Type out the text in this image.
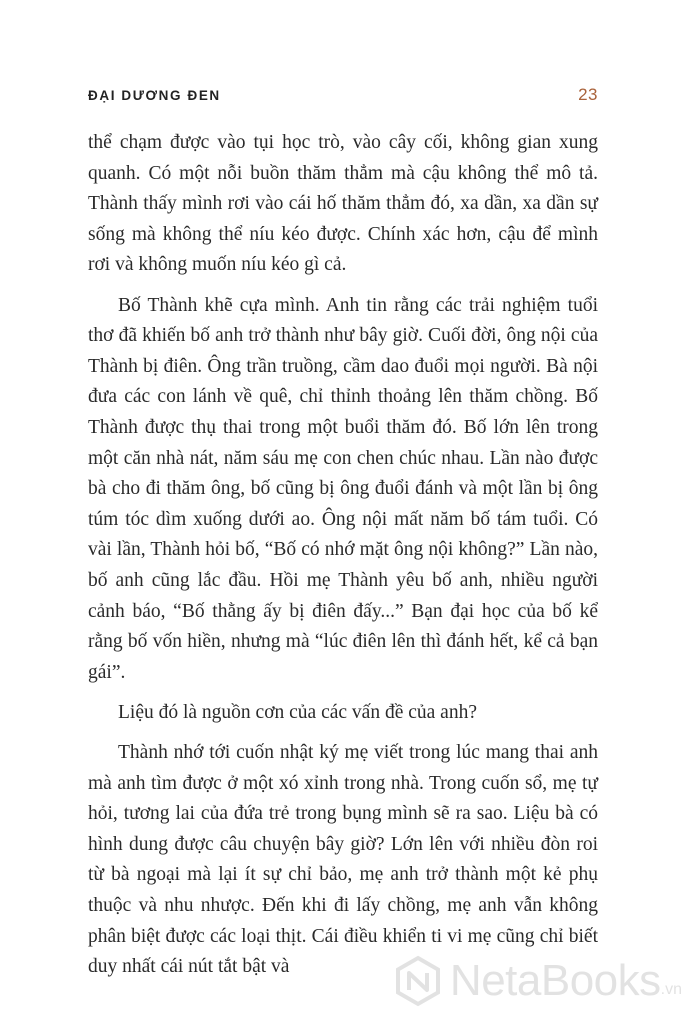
ĐẠI DƯƠNG ĐEN	23

thể chạm được vào tụi học trò, vào cây cối, không gian xung quanh. Có một nỗi buồn thăm thẳm mà cậu không thể mô tả. Thành thấy mình rơi vào cái hố thăm thẳm đó, xa dần, xa dần sự sống mà không thể níu kéo được. Chính xác hơn, cậu để mình rơi và không muốn níu kéo gì cả.

Bố Thành khẽ cựa mình. Anh tin rằng các trải nghiệm tuổi thơ đã khiến bố anh trở thành như bây giờ. Cuối đời, ông nội của Thành bị điên. Ông trần truồng, cầm dao đuổi mọi người. Bà nội đưa các con lánh về quê, chỉ thỉnh thoảng lên thăm chồng. Bố Thành được thụ thai trong một buổi thăm đó. Bố lớn lên trong một căn nhà nát, năm sáu mẹ con chen chúc nhau. Lần nào được bà cho đi thăm ông, bố cũng bị ông đuổi đánh và một lần bị ông túm tóc dìm xuống dưới ao. Ông nội mất năm bố tám tuổi. Có vài lần, Thành hỏi bố, “Bố có nhớ mặt ông nội không?” Lần nào, bố anh cũng lắc đầu. Hồi mẹ Thành yêu bố anh, nhiều người cảnh báo, “Bố thằng ấy bị điên đấy...” Bạn đại học của bố kể rằng bố vốn hiền, nhưng mà “lúc điên lên thì đánh hết, kể cả bạn gái”.

Liệu đó là nguồn cơn của các vấn đề của anh?

Thành nhớ tới cuốn nhật ký mẹ viết trong lúc mang thai anh mà anh tìm được ở một xó xỉnh trong nhà. Trong cuốn sổ, mẹ tự hỏi, tương lai của đứa trẻ trong bụng mình sẽ ra sao. Liệu bà có hình dung được câu chuyện bây giờ? Lớn lên với nhiều đòn roi từ bà ngoại mà lại ít sự chỉ bảo, mẹ anh trở thành một kẻ phụ thuộc và nhu nhược. Đến khi đi lấy chồng, mẹ anh vẫn không phân biệt được các loại thịt. Cái điều khiển ti vi mẹ cũng chỉ biết duy nhất cái nút tắt bật và	NetaBooks .vn
